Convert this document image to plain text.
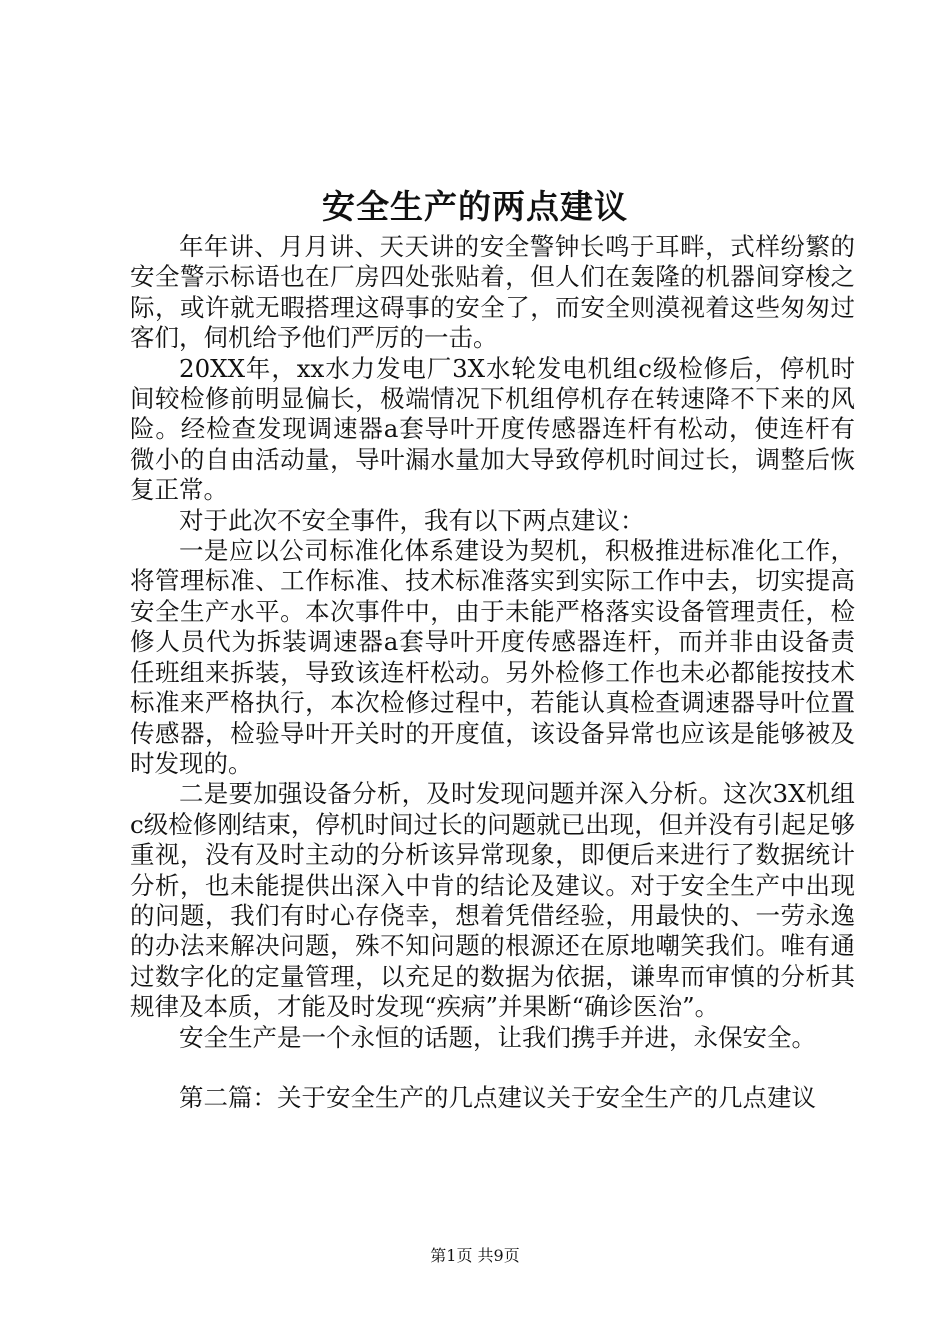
安全生产的两点建议

年年讲、月月讲、天天讲的安全警钟长鸣于耳畔，式样纷繁的安全警示标语也在厂房四处张贴着，但人们在轰隆的机器间穿梭之际，或许就无暇搭理这碍事的安全了，而安全则漠视着这些匆匆过客们，伺机给予他们严厉的一击。

20XX年，xx水力发电厂3X水轮发电机组c级检修后，停机时间较检修前明显偏长，极端情况下机组停机存在转速降不下来的风险。经检查发现调速器a套导叶开度传感器连杆有松动，使连杆有微小的自由活动量，导叶漏水量加大导致停机时间过长，调整后恢复正常。

对于此次不安全事件，我有以下两点建议：

一是应以公司标准化体系建设为契机，积极推进标准化工作，将管理标准、工作标准、技术标准落实到实际工作中去，切实提高安全生产水平。本次事件中，由于未能严格落实设备管理责任，检修人员代为拆装调速器a套导叶开度传感器连杆，而并非由设备责任班组来拆装，导致该连杆松动。另外检修工作也未必都能按技术标准来严格执行，本次检修过程中，若能认真检查调速器导叶位置传感器，检验导叶开关时的开度值，该设备异常也应该是能够被及时发现的。

二是要加强设备分析，及时发现问题并深入分析。这次3X机组c级检修刚结束，停机时间过长的问题就已出现，但并没有引起足够重视，没有及时主动的分析该异常现象，即便后来进行了数据统计分析，也未能提供出深入中肯的结论及建议。对于安全生产中出现的问题，我们有时心存侥幸，想着凭借经验，用最快的、一劳永逸的办法来解决问题，殊不知问题的根源还在原地嘲笑我们。唯有通过数字化的定量管理，以充足的数据为依据，谦卑而审慎的分析其规律及本质，才能及时发现“疾病”并果断“确诊医治”。

安全生产是一个永恒的话题，让我们携手并进，永保安全。

第二篇：关于安全生产的几点建议关于安全生产的几点建议

第1页 共9页
